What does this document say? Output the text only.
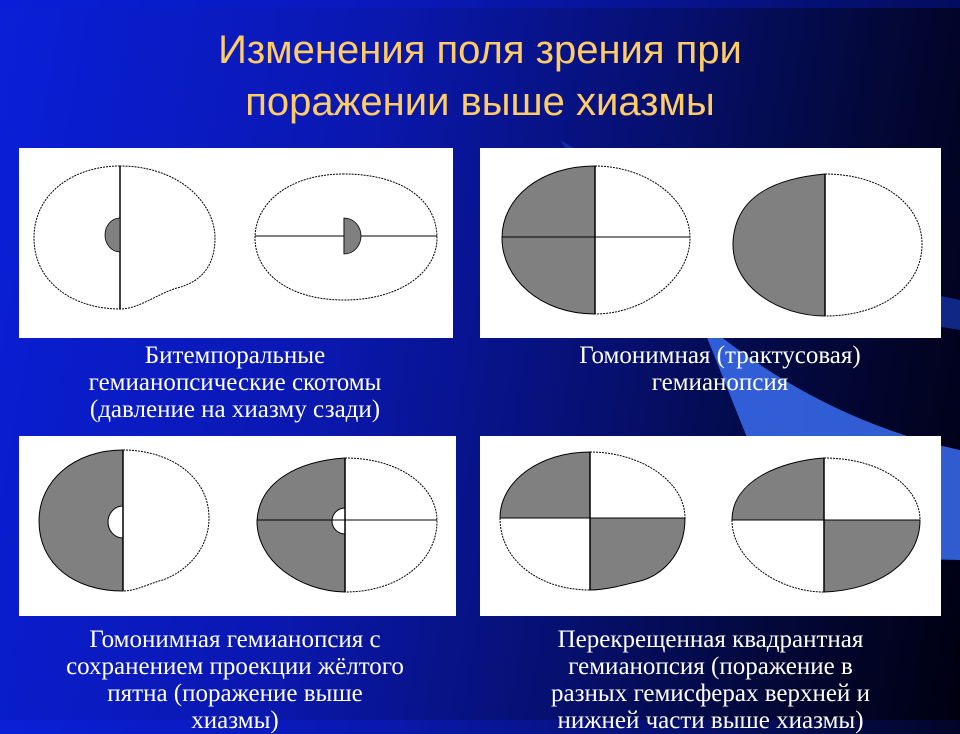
Изменения поля зрения при
поражении выше хиазмы
Битемпоральные
гемианопсические скотомы
(давление на хиазму сзади)
Гомонимная (трактусовая)
гемианопсия
Гомонимная гемианопсия с
сохранением проекции жёлтого
пятна (поражение выше
хиазмы)
Перекрещенная квадрантная
гемианопсия (поражение в
разных гемисферах верхней и
нижней части выше хиазмы)
